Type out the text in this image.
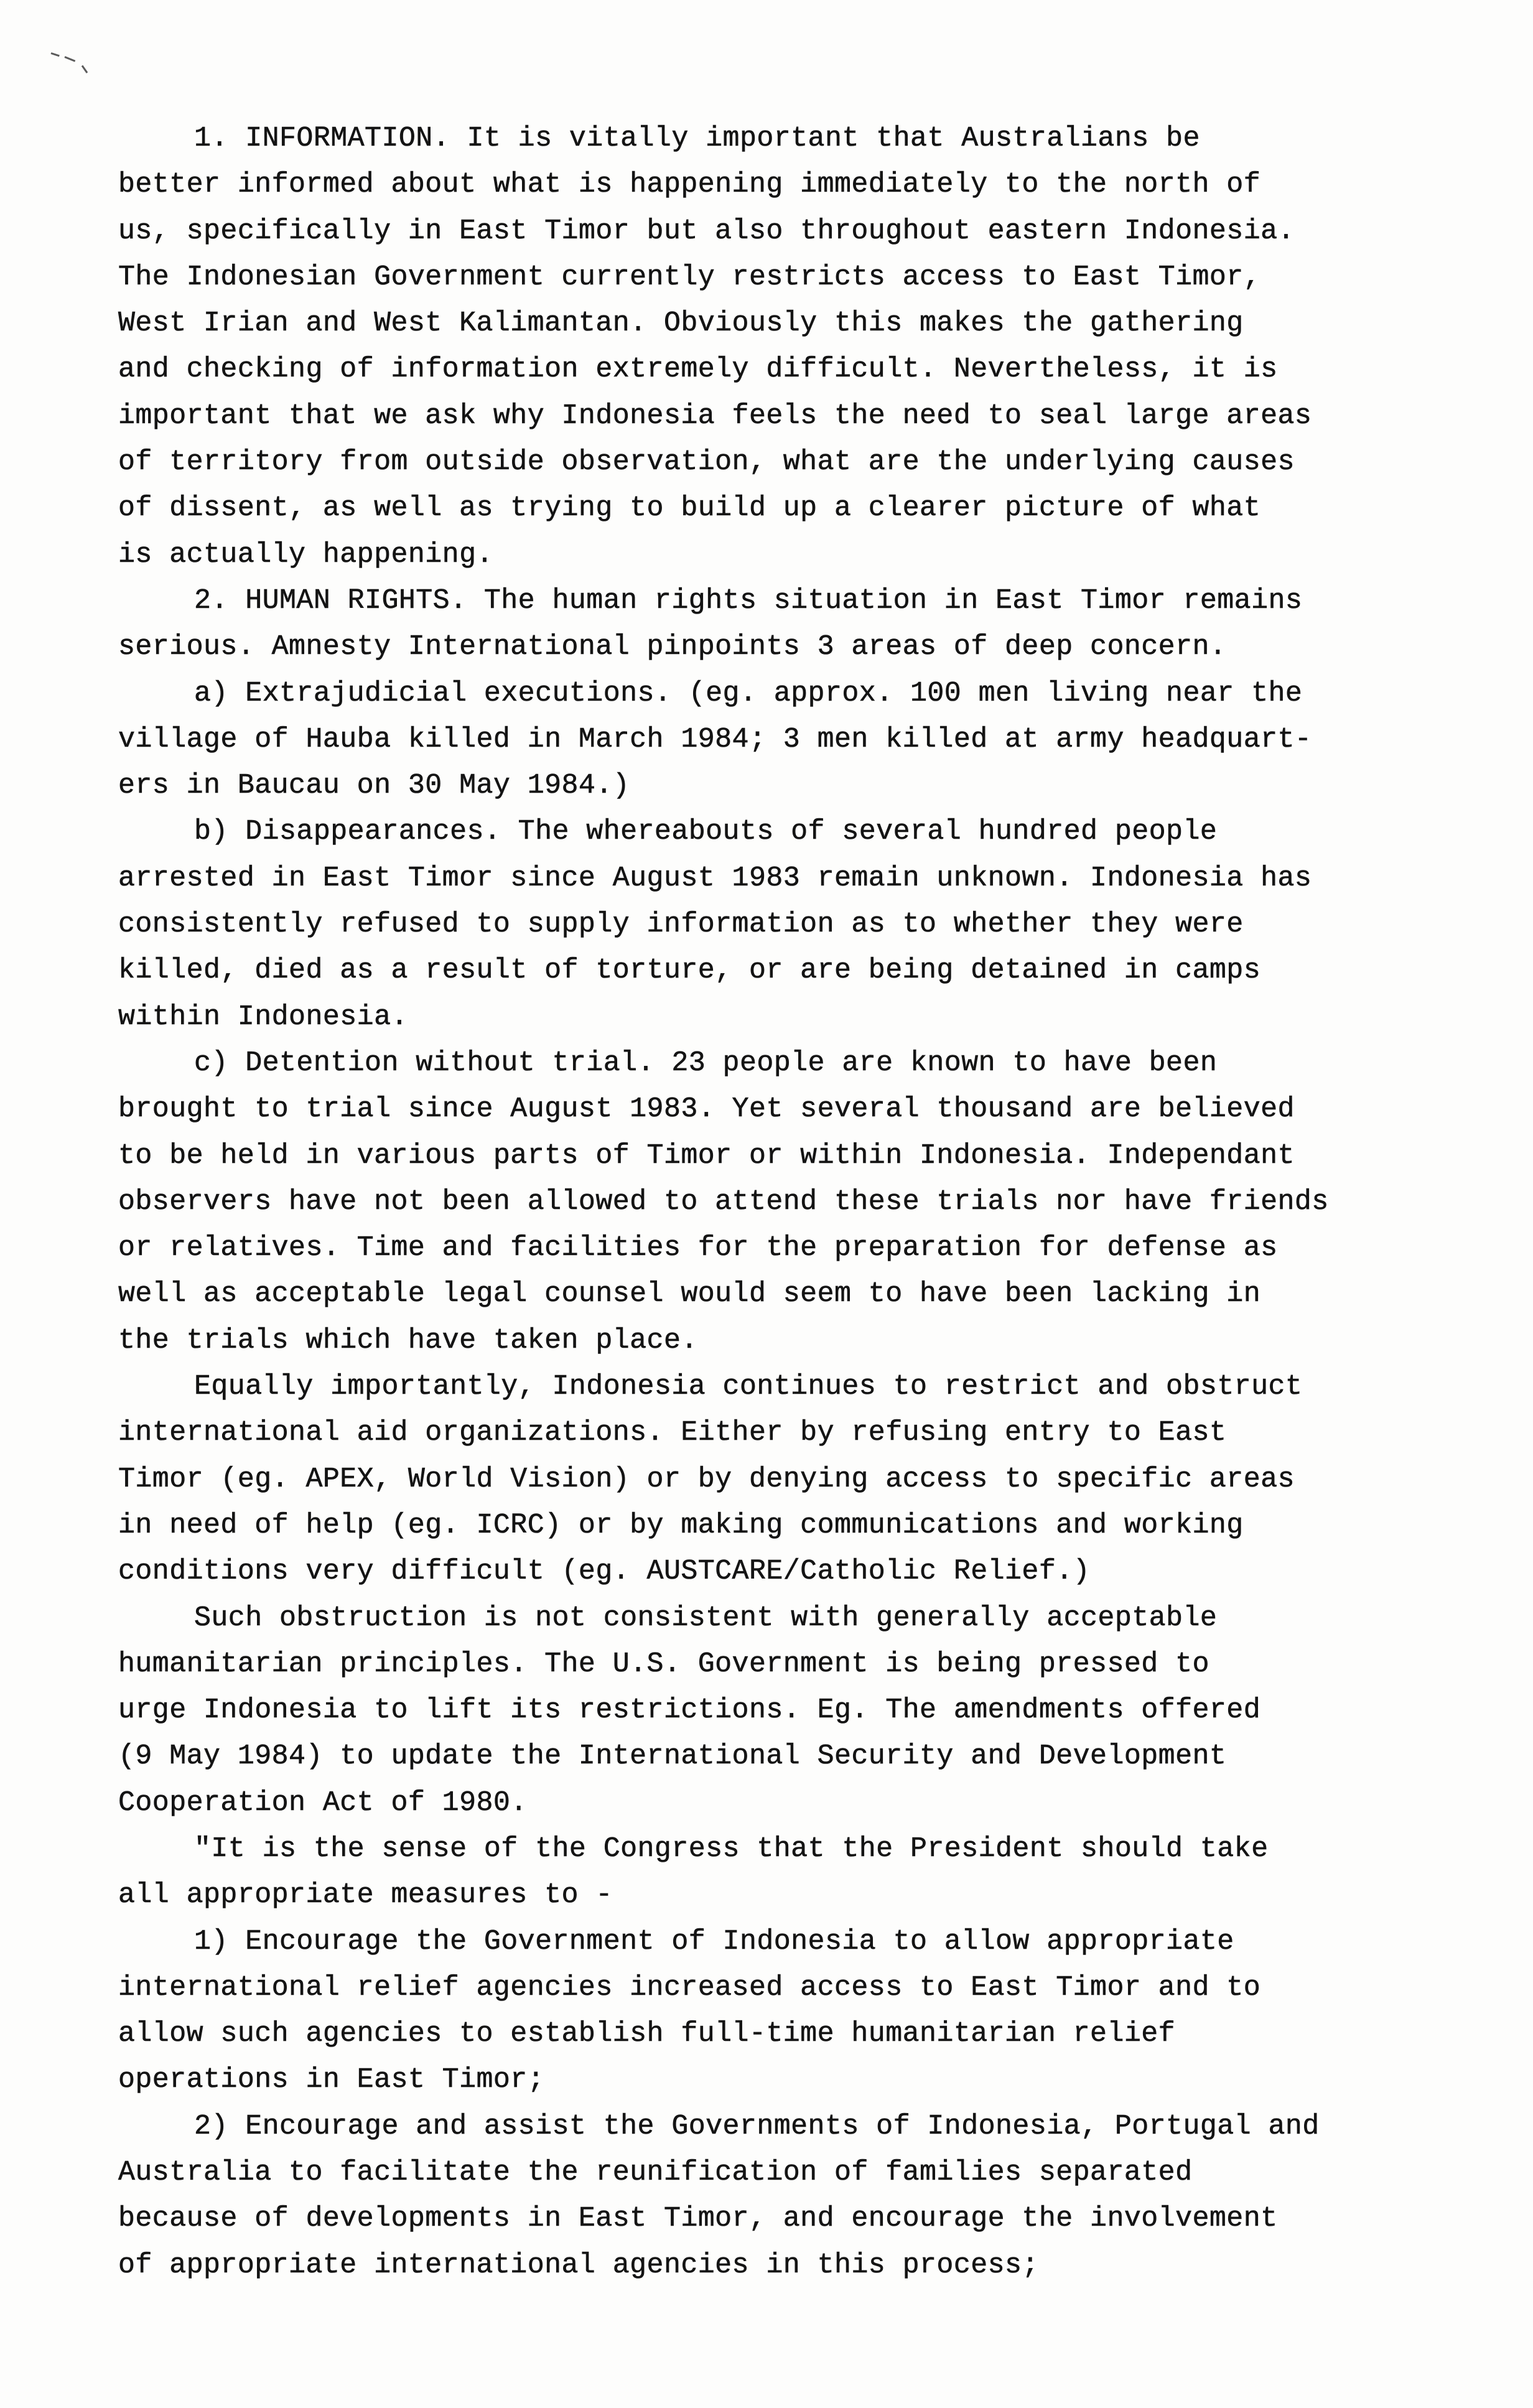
1. INFORMATION. It is vitally important that Australians be
better informed about what is happening immediately to the north of
us, specifically in East Timor but also throughout eastern Indonesia.
The Indonesian Government currently restricts access to East Timor,
West Irian and West Kalimantan. Obviously this makes the gathering
and checking of information extremely difficult. Nevertheless, it is
important that we ask why Indonesia feels the need to seal large areas
of territory from outside observation, what are the underlying causes
of dissent, as well as trying to build up a clearer picture of what
is actually happening.
2. HUMAN RIGHTS. The human rights situation in East Timor remains
serious. Amnesty International pinpoints 3 areas of deep concern.
a) Extrajudicial executions. (eg. approx. 100 men living near the
village of Hauba killed in March 1984; 3 men killed at army headquart-
ers in Baucau on 30 May 1984.)
b) Disappearances. The whereabouts of several hundred people
arrested in East Timor since August 1983 remain unknown. Indonesia has
consistently refused to supply information as to whether they were
killed, died as a result of torture, or are being detained in camps
within Indonesia.
c) Detention without trial. 23 people are known to have been
brought to trial since August 1983. Yet several thousand are believed
to be held in various parts of Timor or within Indonesia. Independant
observers have not been allowed to attend these trials nor have friends
or relatives. Time and facilities for the preparation for defense as
well as acceptable legal counsel would seem to have been lacking in
the trials which have taken place.
Equally importantly, Indonesia continues to restrict and obstruct
international aid organizations. Either by refusing entry to East
Timor (eg. APEX, World Vision) or by denying access to specific areas
in need of help (eg. ICRC) or by making communications and working
conditions very difficult (eg. AUSTCARE/Catholic Relief.)
Such obstruction is not consistent with generally acceptable
humanitarian principles. The U.S. Government is being pressed to
urge Indonesia to lift its restrictions. Eg. The amendments offered
(9 May 1984) to update the International Security and Development
Cooperation Act of 1980.
"It is the sense of the Congress that the President should take
all appropriate measures to -
1) Encourage the Government of Indonesia to allow appropriate
international relief agencies increased access to East Timor and to
allow such agencies to establish full-time humanitarian relief
operations in East Timor;
2) Encourage and assist the Governments of Indonesia, Portugal and
Australia to facilitate the reunification of families separated
because of developments in East Timor, and encourage the involvement
of appropriate international agencies in this process;
